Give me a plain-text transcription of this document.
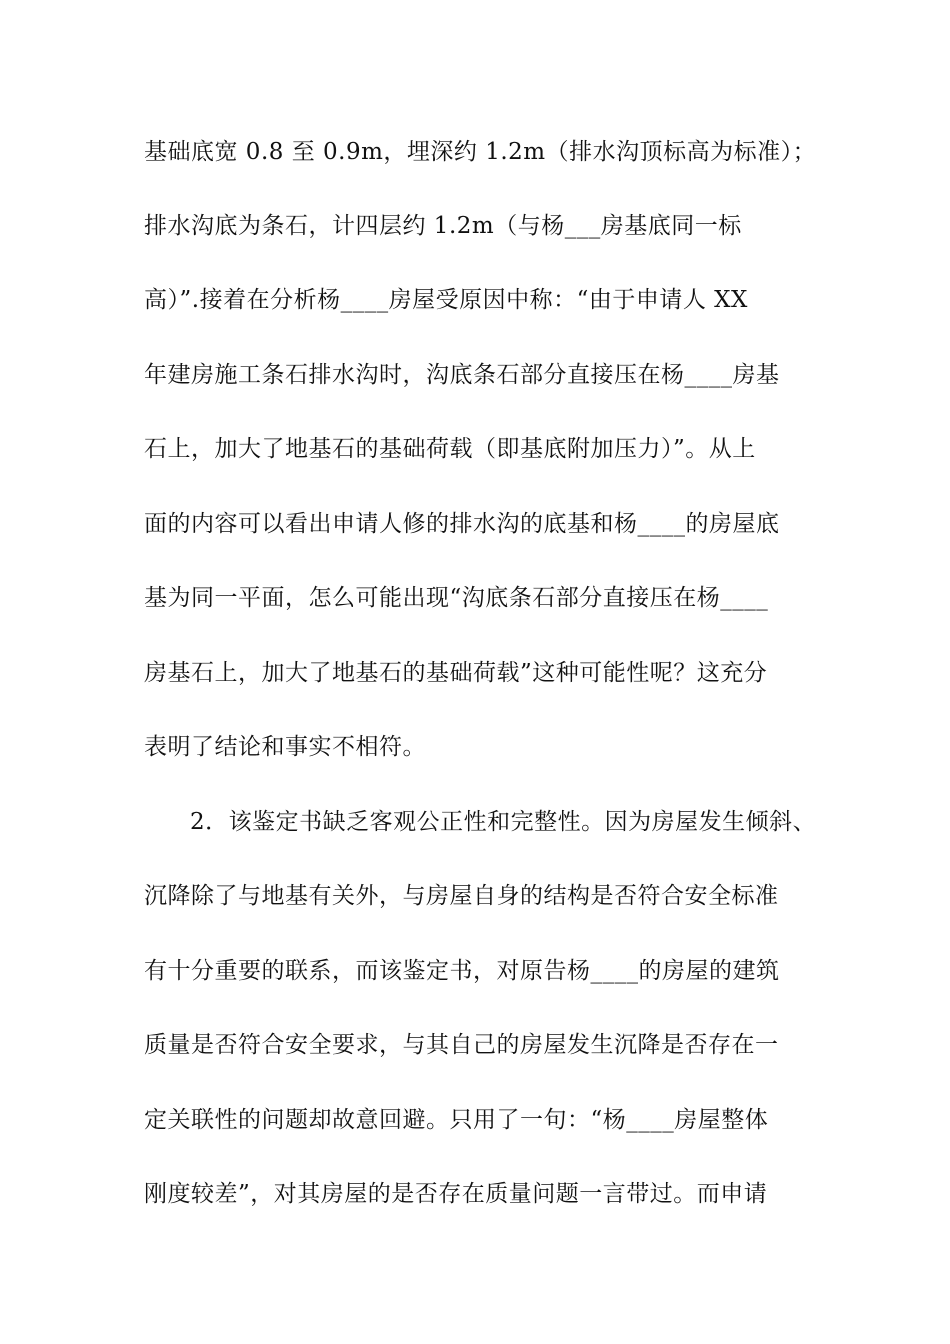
基础底宽 0.8 至 0.9m，埋深约 1.2m（排水沟顶标高为标准）；
排水沟底为条石，计四层约 1.2m（与杨___房基底同一标
高）”.接着在分析杨____房屋受原因中称：“由于申请人 XX
年建房施工条石排水沟时，沟底条石部分直接压在杨____房基
石上，加大了地基石的基础荷载（即基底附加压力）”。从上
面的内容可以看出申请人修的排水沟的底基和杨____的房屋底
基为同一平面，怎么可能出现“沟底条石部分直接压在杨____
房基石上，加大了地基石的基础荷载”这种可能性呢？这充分
表明了结论和事实不相符。
2．该鉴定书缺乏客观公正性和完整性。因为房屋发生倾斜、
沉降除了与地基有关外，与房屋自身的结构是否符合安全标准
有十分重要的联系，而该鉴定书，对原告杨____的房屋的建筑
质量是否符合安全要求，与其自己的房屋发生沉降是否存在一
定关联性的问题却故意回避。只用了一句：“杨____房屋整体
刚度较差”，对其房屋的是否存在质量问题一言带过。而申请
